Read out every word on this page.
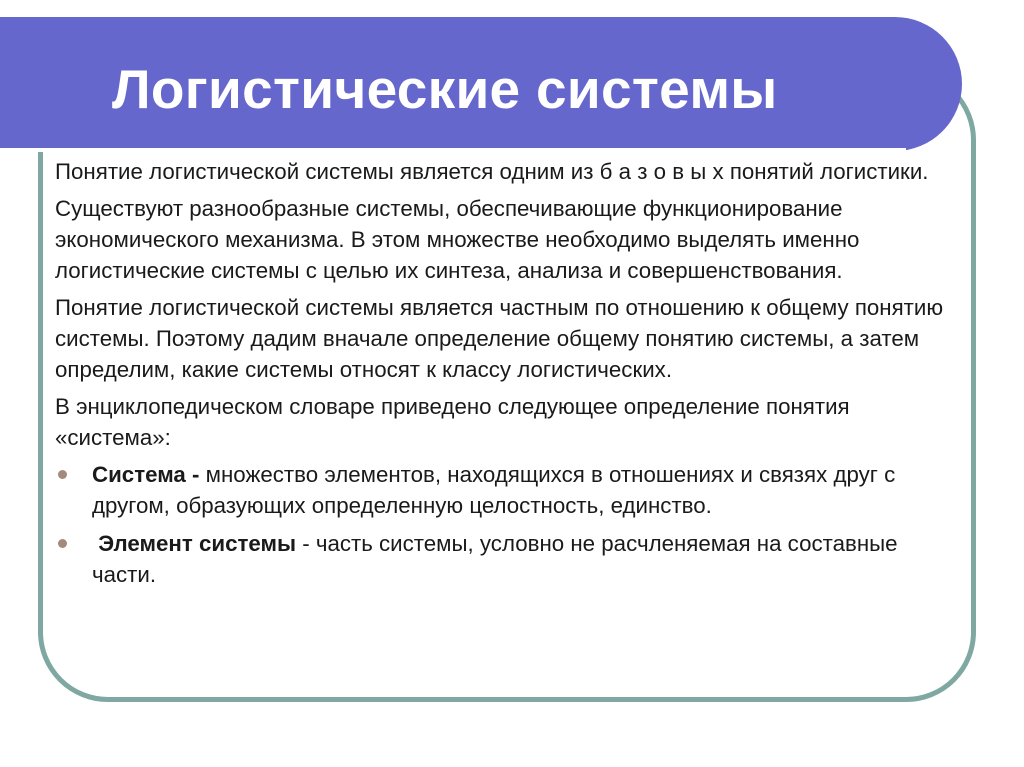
Логистические системы

Понятие логистической системы является одним из б а з о в ы х понятий логистики.

Существуют разнообразные системы, обеспечивающие функционирование экономического механизма. В этом множестве необходимо выделять именно логистические системы с целью их синтеза, анализа и совершенствования.

Понятие логистической системы является частным по отношению к общему понятию системы. Поэтому дадим вначале определение общему понятию системы, а затем определим, какие системы относят к классу логистических.

В энциклопедическом словаре приведено следующее определение понятия «система»:

Система - множество элементов, находящихся в отношениях и связях друг с другом, образующих определенную целостность, единство.
Элемент системы - часть системы, условно не расчленяемая на составные части.
